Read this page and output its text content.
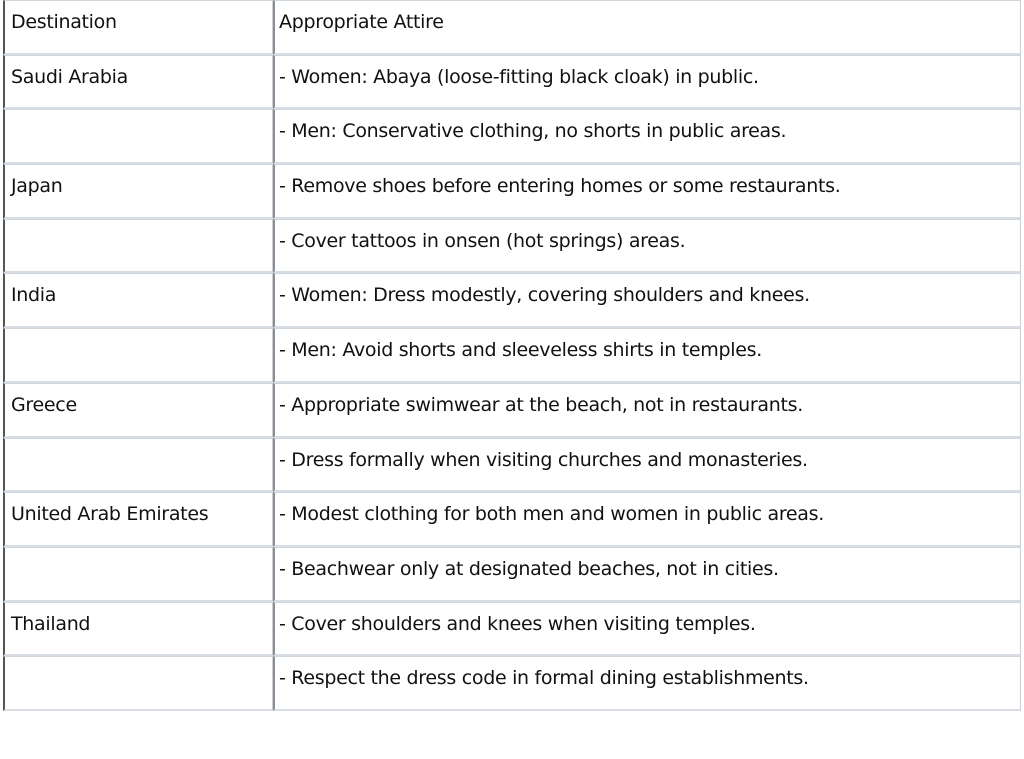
Destination	Appropriate Attire
Saudi Arabia	- Women: Abaya (loose-fitting black cloak) in public.
	- Men: Conservative clothing, no shorts in public areas.
Japan	- Remove shoes before entering homes or some restaurants.
	- Cover tattoos in onsen (hot springs) areas.
India	- Women: Dress modestly, covering shoulders and knees.
	- Men: Avoid shorts and sleeveless shirts in temples.
Greece	- Appropriate swimwear at the beach, not in restaurants.
	- Dress formally when visiting churches and monasteries.
United Arab Emirates	- Modest clothing for both men and women in public areas.
	- Beachwear only at designated beaches, not in cities.
Thailand	- Cover shoulders and knees when visiting temples.
	- Respect the dress code in formal dining establishments.
